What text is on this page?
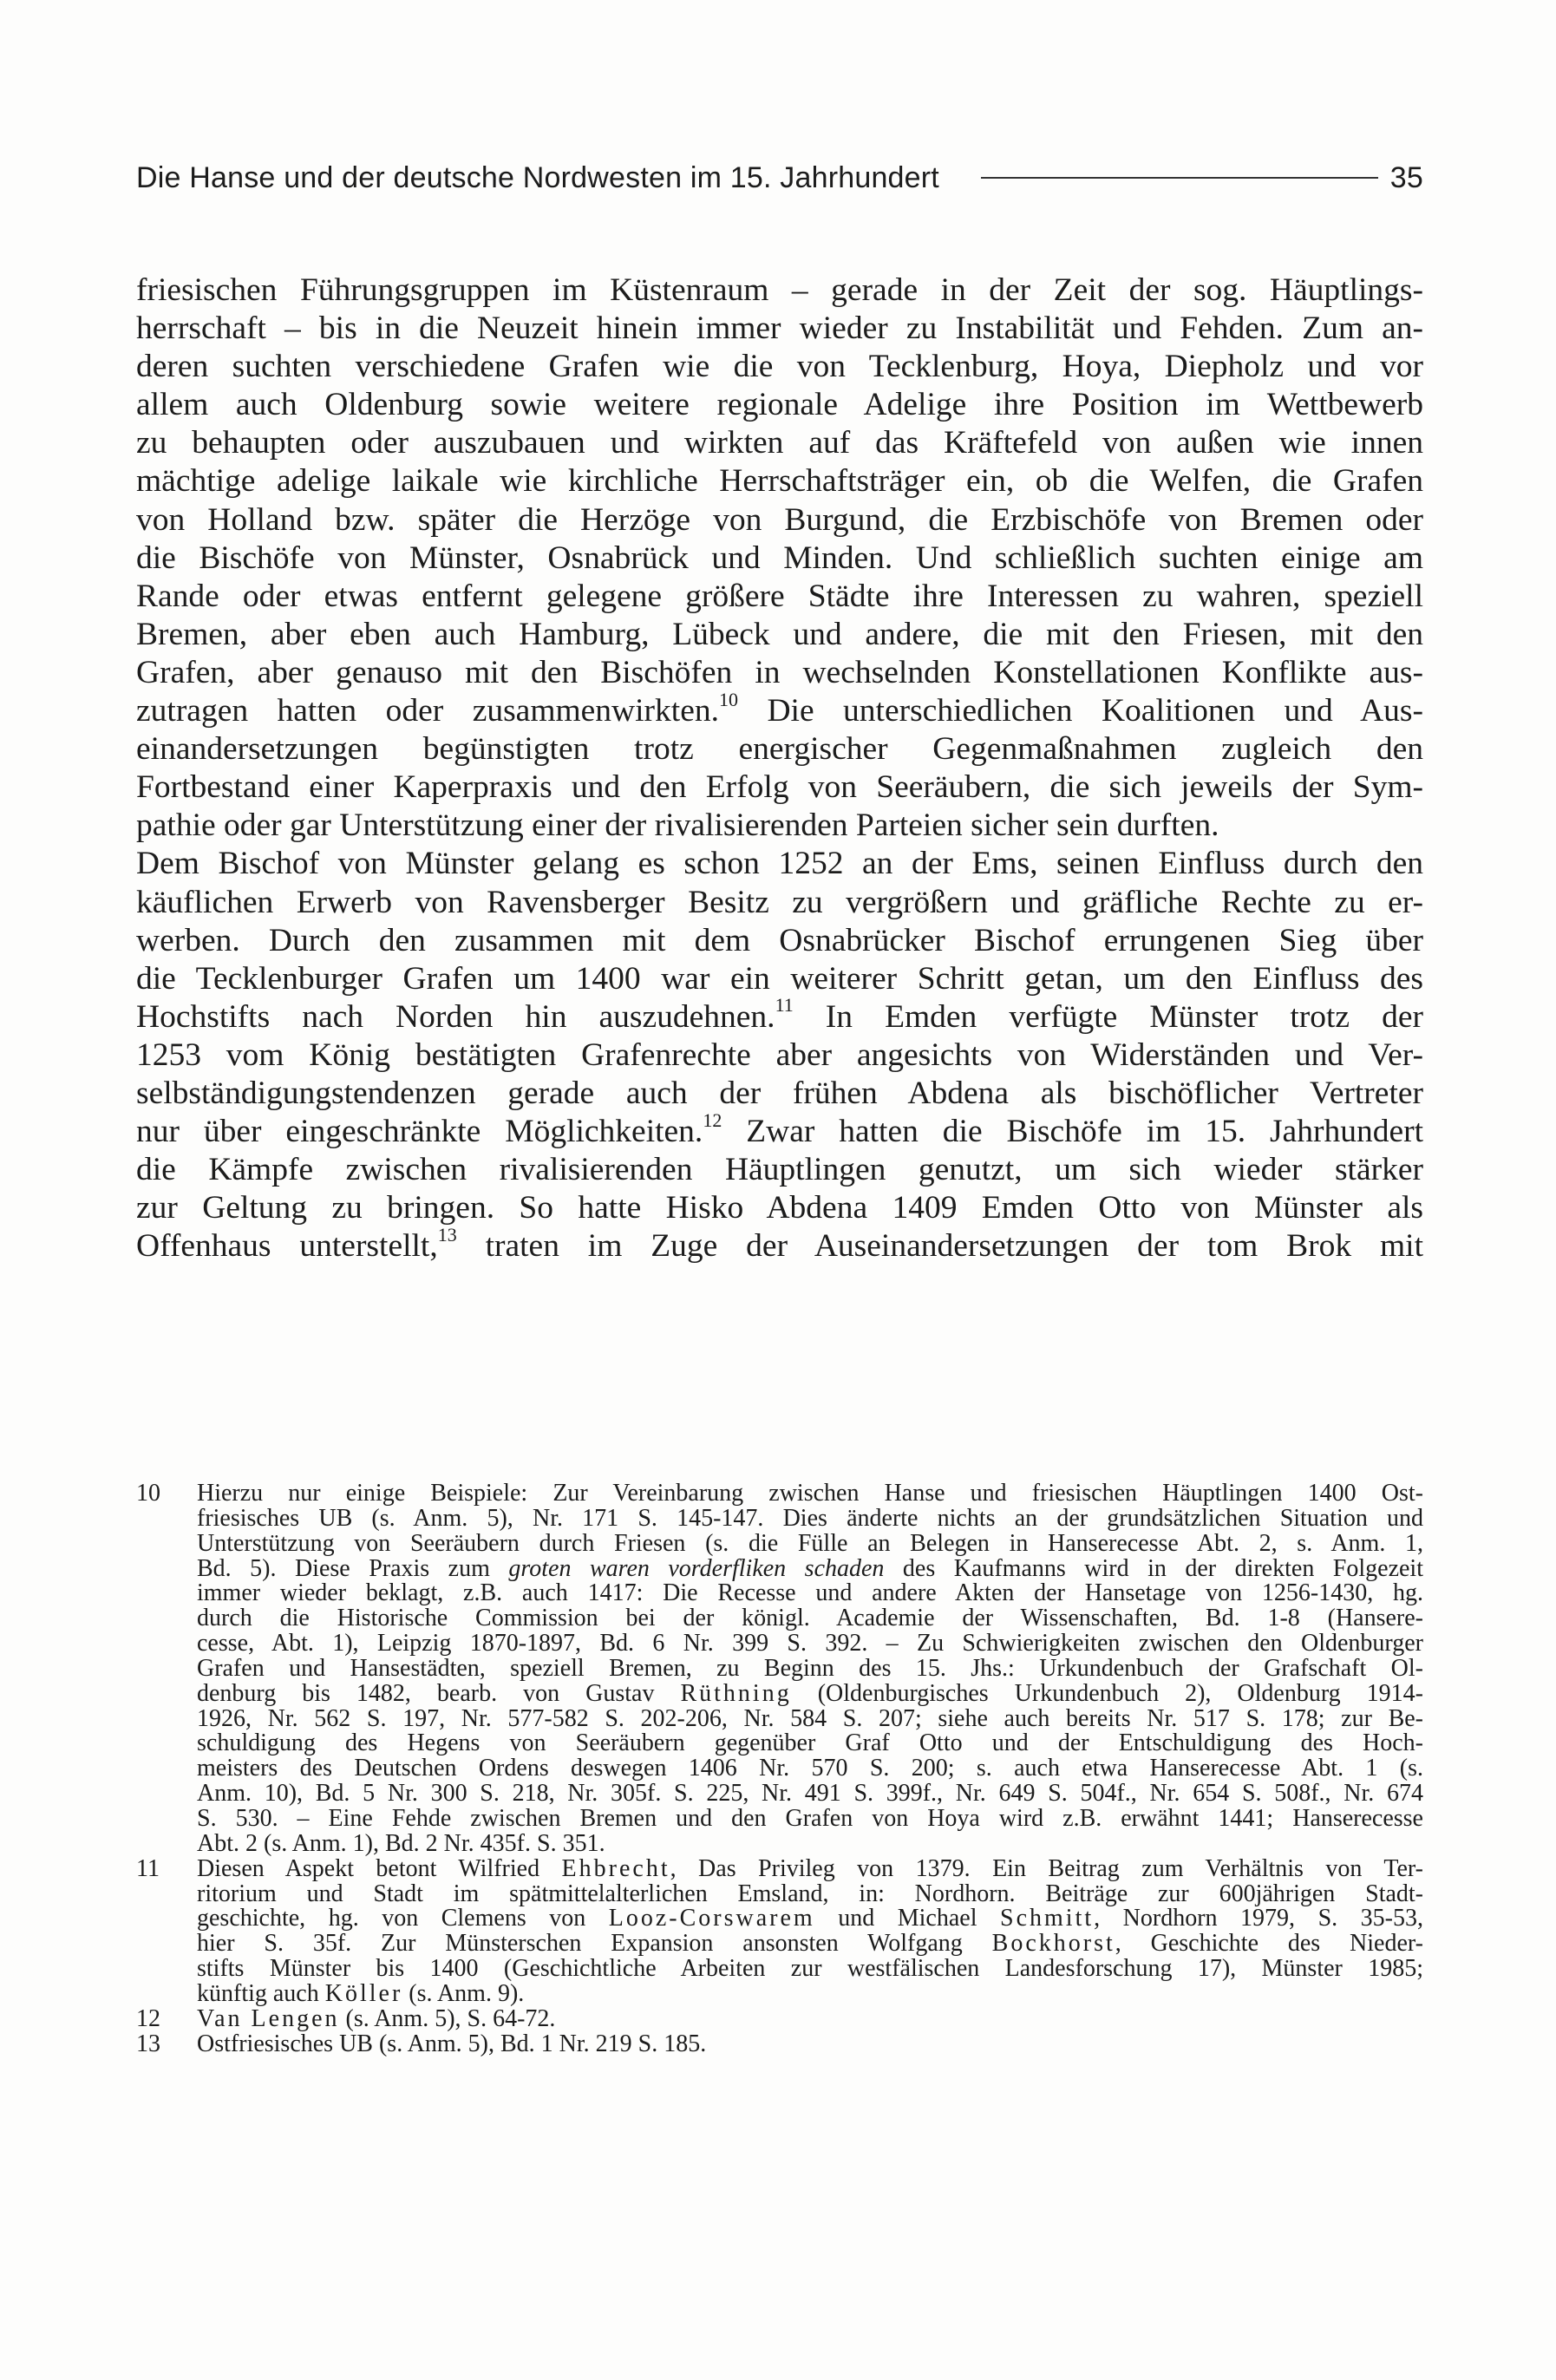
Die Hanse und der deutsche Nordwesten im 15. Jahrhundert	35
friesischen Führungsgruppen im Küstenraum – gerade in der Zeit der sog. Häuptlings-
herrschaft – bis in die Neuzeit hinein immer wieder zu Instabilität und Fehden. Zum an-
deren suchten verschiedene Grafen wie die von Tecklenburg, Hoya, Diepholz und vor
allem auch Oldenburg sowie weitere regionale Adelige ihre Position im Wettbewerb
zu behaupten oder auszubauen und wirkten auf das Kräftefeld von außen wie innen
mächtige adelige laikale wie kirchliche Herrschaftsträger ein, ob die Welfen, die Grafen
von Holland bzw. später die Herzöge von Burgund, die Erzbischöfe von Bremen oder
die Bischöfe von Münster, Osnabrück und Minden. Und schließlich suchten einige am
Rande oder etwas entfernt gelegene größere Städte ihre Interessen zu wahren, speziell
Bremen, aber eben auch Hamburg, Lübeck und andere, die mit den Friesen, mit den
Grafen, aber genauso mit den Bischöfen in wechselnden Konstellationen Konflikte aus-
zutragen hatten oder zusammenwirkten.$^{10}$ Die unterschiedlichen Koalitionen und Aus-
einandersetzungen begünstigten trotz energischer Gegenmaßnahmen zugleich den
Fortbestand einer Kaperpraxis und den Erfolg von Seeräubern, die sich jeweils der Sym-
pathie oder gar Unterstützung einer der rivalisierenden Parteien sicher sein durften.
Dem Bischof von Münster gelang es schon 1252 an der Ems, seinen Einfluss durch den
käuflichen Erwerb von Ravensberger Besitz zu vergrößern und gräfliche Rechte zu er-
werben. Durch den zusammen mit dem Osnabrücker Bischof errungenen Sieg über
die Tecklenburger Grafen um 1400 war ein weiterer Schritt getan, um den Einfluss des
Hochstifts nach Norden hin auszudehnen.$^{11}$ In Emden verfügte Münster trotz der
1253 vom König bestätigten Grafenrechte aber angesichts von Widerständen und Ver-
selbständigungstendenzen gerade auch der frühen Abdena als bischöflicher Vertreter
nur über eingeschränkte Möglichkeiten.$^{12}$ Zwar hatten die Bischöfe im 15. Jahrhundert
die Kämpfe zwischen rivalisierenden Häuptlingen genutzt, um sich wieder stärker
zur Geltung zu bringen. So hatte Hisko Abdena 1409 Emden Otto von Münster als
Offenhaus unterstellt,$^{13}$ traten im Zuge der Auseinandersetzungen der tom Brok mit
10	Hierzu nur einige Beispiele: Zur Vereinbarung zwischen Hanse und friesischen Häuptlingen 1400 Ost-
friesisches UB (s. Anm. 5), Nr. 171 S. 145-147. Dies änderte nichts an der grundsätzlichen Situation und
Unterstützung von Seeräubern durch Friesen (s. die Fülle an Belegen in Hanserecesse Abt. 2, s. Anm. 1,
Bd. 5). Diese Praxis zum groten waren vorderfliken schaden des Kaufmanns wird in der direkten Folgezeit
immer wieder beklagt, z.B. auch 1417: Die Recesse und andere Akten der Hansetage von 1256-1430, hg.
durch die Historische Commission bei der königl. Academie der Wissenschaften, Bd. 1-8 (Hansere-
cesse, Abt. 1), Leipzig 1870-1897, Bd. 6 Nr. 399 S. 392. – Zu Schwierigkeiten zwischen den Oldenburger
Grafen und Hansestädten, speziell Bremen, zu Beginn des 15. Jhs.: Urkundenbuch der Grafschaft Ol-
denburg bis 1482, bearb. von Gustav Rüthning (Oldenburgisches Urkundenbuch 2), Oldenburg 1914-
1926, Nr. 562 S. 197, Nr. 577-582 S. 202-206, Nr. 584 S. 207; siehe auch bereits Nr. 517 S. 178; zur Be-
schuldigung des Hegens von Seeräubern gegenüber Graf Otto und der Entschuldigung des Hoch-
meisters des Deutschen Ordens deswegen 1406 Nr. 570 S. 200; s. auch etwa Hanserecesse Abt. 1 (s.
Anm. 10), Bd. 5 Nr. 300 S. 218, Nr. 305f. S. 225, Nr. 491 S. 399f., Nr. 649 S. 504f., Nr. 654 S. 508f., Nr. 674
S. 530. – Eine Fehde zwischen Bremen und den Grafen von Hoya wird z.B. erwähnt 1441; Hanserecesse
Abt. 2 (s. Anm. 1), Bd. 2 Nr. 435f. S. 351.
11	Diesen Aspekt betont Wilfried Ehbrecht, Das Privileg von 1379. Ein Beitrag zum Verhältnis von Ter-
ritorium und Stadt im spätmittelalterlichen Emsland, in: Nordhorn. Beiträge zur 600jährigen Stadt-
geschichte, hg. von Clemens von Looz-Corswarem und Michael Schmitt, Nordhorn 1979, S. 35-53,
hier S. 35f. Zur Münsterschen Expansion ansonsten Wolfgang Bockhorst, Geschichte des Nieder-
stifts Münster bis 1400 (Geschichtliche Arbeiten zur westfälischen Landesforschung 17), Münster 1985;
künftig auch Köller (s. Anm. 9).
12	Van Lengen (s. Anm. 5), S. 64-72.
13	Ostfriesisches UB (s. Anm. 5), Bd. 1 Nr. 219 S. 185.
